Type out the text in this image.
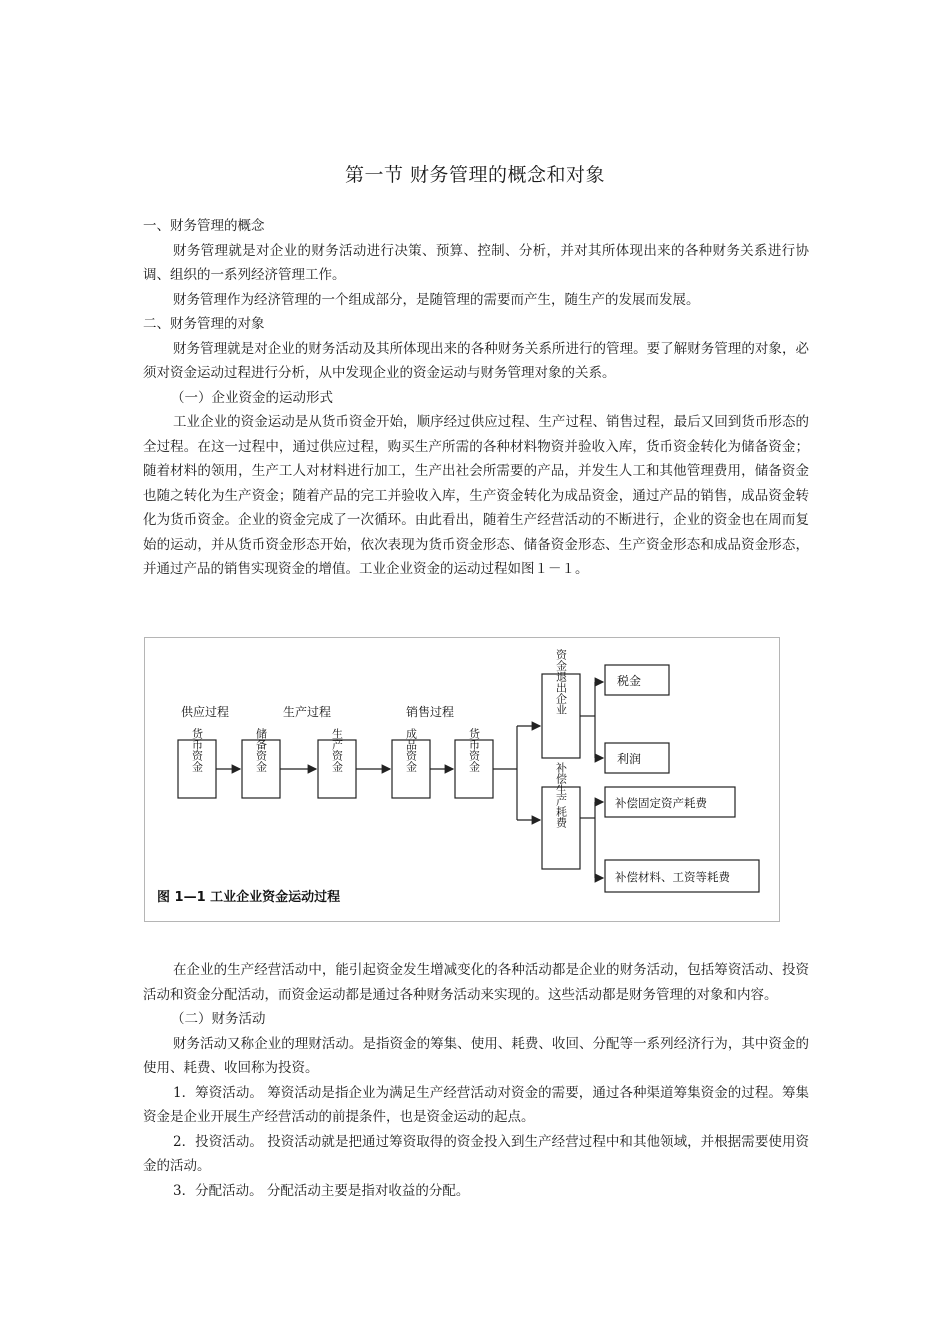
第一节 财务管理的概念和对象

一、财务管理的概念

财务管理就是对企业的财务活动进行决策、预算、控制、分析，并对其所体现出来的各种财务关系进行协调、组织的一系列经济管理工作。

财务管理作为经济管理的一个组成部分，是随管理的需要而产生，随生产的发展而发展。

二、财务管理的对象

财务管理就是对企业的财务活动及其所体现出来的各种财务关系所进行的管理。要了解财务管理的对象，必须对资金运动过程进行分析，从中发现企业的资金运动与财务管理对象的关系。

（一）企业资金的运动形式

工业企业的资金运动是从货币资金开始，顺序经过供应过程、生产过程、销售过程，最后又回到货币形态的全过程。在这一过程中，通过供应过程，购买生产所需的各种材料物资并验收入库，货币资金转化为储备资金；随着材料的领用，生产工人对材料进行加工，生产出社会所需要的产品，并发生人工和其他管理费用，储备资金也随之转化为生产资金；随着产品的完工并验收入库，生产资金转化为成品资金，通过产品的销售，成品资金转化为货币资金。企业的资金完成了一次循环。由此看出，随着生产经营活动的不断进行，企业的资金也在周而复始的运动，并从货币资金形态开始，依次表现为货币资金形态、储备资金形态、生产资金形态和成品资金形态，并通过产品的销售实现资金的增值。工业企业资金的运动过程如图１－１。

供应过程	生产过程	销售过程
货币资金	储备资金	生产资金	成品资金	货币资金
资金退出企业
补偿生产耗费
税金
利润
补偿固定资产耗费
补偿材料、工资等耗费
图 1—1 工业企业资金运动过程

在企业的生产经营活动中，能引起资金发生增减变化的各种活动都是企业的财务活动，包括筹资活动、投资活动和资金分配活动，而资金运动都是通过各种财务活动来实现的。这些活动都是财务管理的对象和内容。

（二）财务活动

财务活动又称企业的理财活动。是指资金的筹集、使用、耗费、收回、分配等一系列经济行为，其中资金的使用、耗费、收回称为投资。

1．筹资活动。 筹资活动是指企业为满足生产经营活动对资金的需要，通过各种渠道筹集资金的过程。筹集资金是企业开展生产经营活动的前提条件，也是资金运动的起点。

2．投资活动。 投资活动就是把通过筹资取得的资金投入到生产经营过程中和其他领域，并根据需要使用资金的活动。

3．分配活动。 分配活动主要是指对收益的分配。
